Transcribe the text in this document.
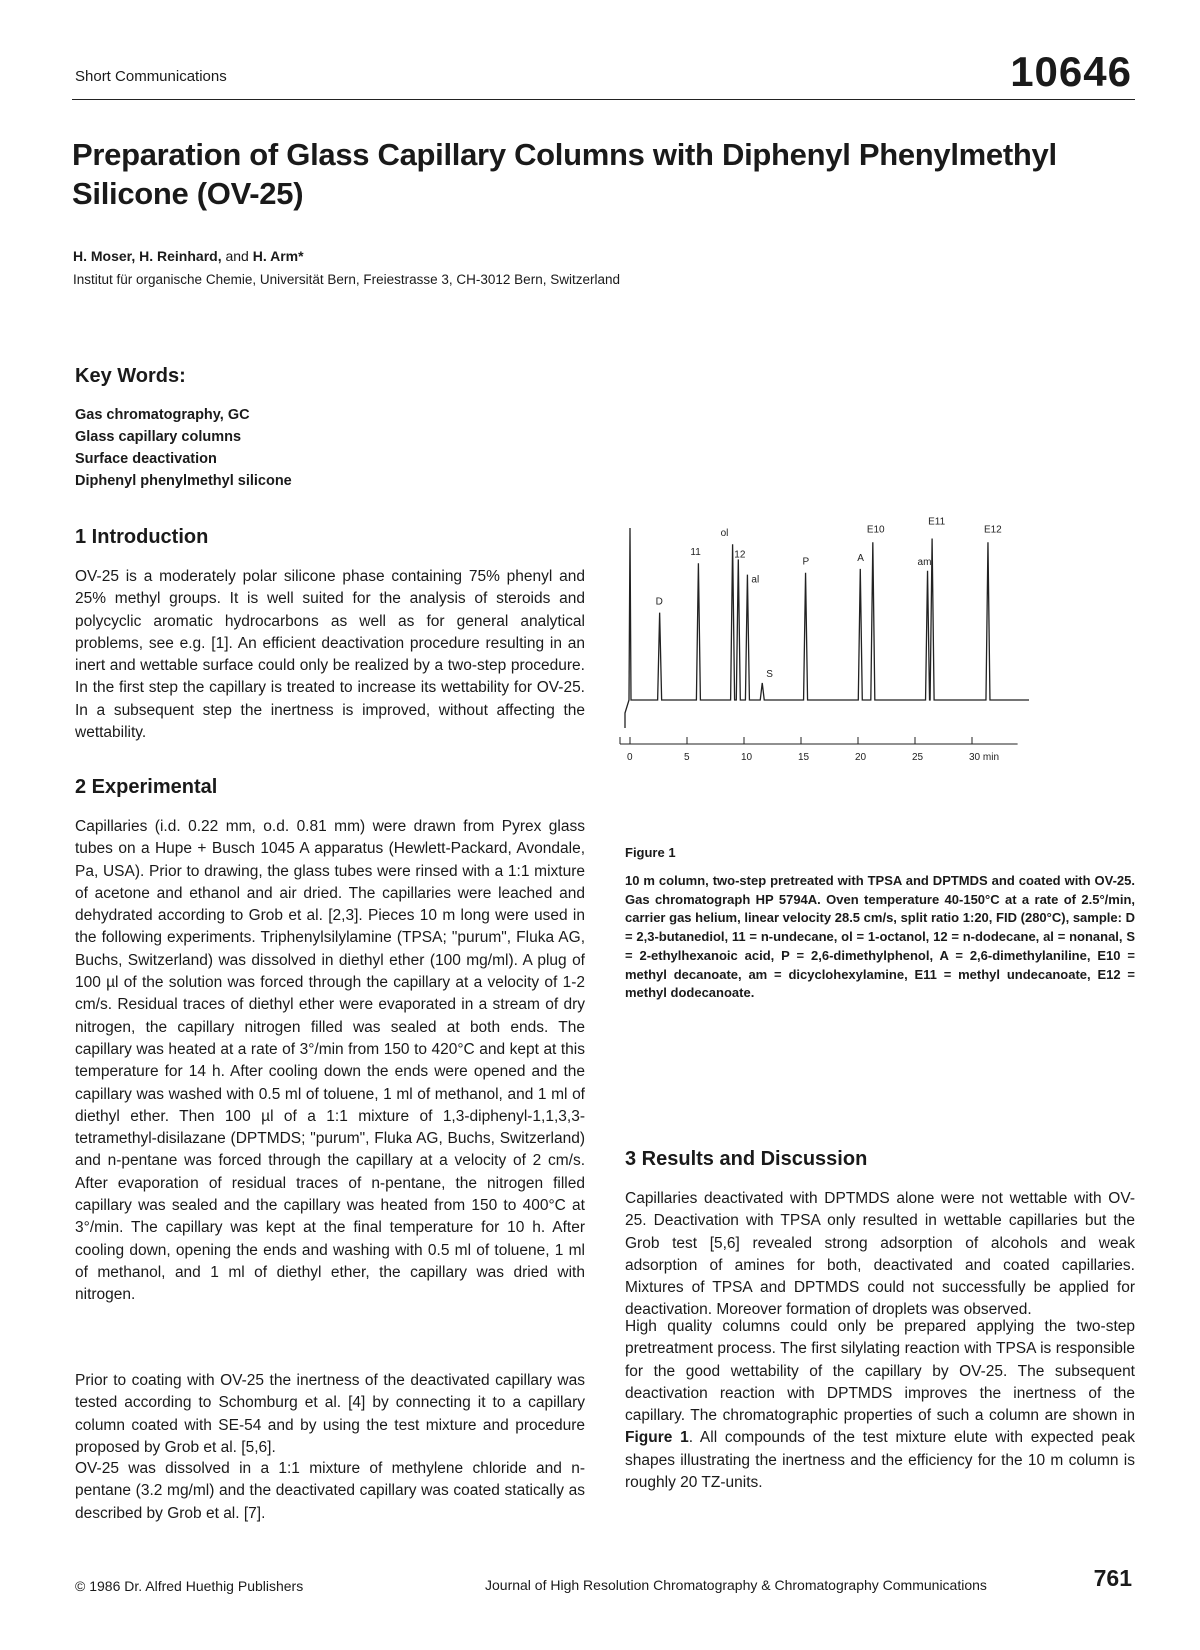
Short Communications	10646
Preparation of Glass Capillary Columns with Diphenyl Phenylmethyl Silicone (OV-25)
H. Moser, H. Reinhard, and H. Arm*
Institut für organische Chemie, Universität Bern, Freiestrasse 3, CH-3012 Bern, Switzerland
Key Words:
Gas chromatography, GC
Glass capillary columns
Surface deactivation
Diphenyl phenylmethyl silicone
1 Introduction

OV-25 is a moderately polar silicone phase containing 75% phenyl and 25% methyl groups. It is well suited for the analysis of steroids and polycyclic aromatic hydrocarbons as well as for general analytical problems, see e.g. [1]. An efficient deactivation procedure resulting in an inert and wettable surface could only be realized by a two-step procedure. In the first step the capillary is treated to increase its wettability for OV-25. In a subsequent step the inertness is improved, without affecting the wettability.

2 Experimental

Capillaries (i.d. 0.22 mm, o.d. 0.81 mm) were drawn from Pyrex glass tubes on a Hupe + Busch 1045 A apparatus (Hewlett-Packard, Avondale, Pa, USA). Prior to drawing, the glass tubes were rinsed with a 1:1 mixture of acetone and ethanol and air dried. The capillaries were leached and dehydrated according to Grob et al. [2,3]. Pieces 10 m long were used in the following experiments. Triphenylsilylamine (TPSA; "purum", Fluka AG, Buchs, Switzerland) was dissolved in diethyl ether (100 mg/ml). A plug of 100 µl of the solution was forced through the capillary at a velocity of 1-2 cm/s. Residual traces of diethyl ether were evaporated in a stream of dry nitrogen, the capillary nitrogen filled was sealed at both ends. The capillary was heated at a rate of 3°/min from 150 to 420°C and kept at this temperature for 14 h. After cooling down the ends were opened and the capillary was washed with 0.5 ml of toluene, 1 ml of methanol, and 1 ml of diethyl ether. Then 100 µl of a 1:1 mixture of 1,3-diphenyl-1,1,3,3-tetramethyl-disilazane (DPTMDS; "purum", Fluka AG, Buchs, Switzerland) and n-pentane was forced through the capillary at a velocity of 2 cm/s. After evaporation of residual traces of n-pentane, the nitrogen filled capillary was sealed and the capillary was heated from 150 to 400°C at 3°/min. The capillary was kept at the final temperature for 10 h. After cooling down, opening the ends and washing with 0.5 ml of toluene, 1 ml of methanol, and 1 ml of diethyl ether, the capillary was dried with nitrogen.

Prior to coating with OV-25 the inertness of the deactivated capillary was tested according to Schomburg et al. [4] by connecting it to a capillary column coated with SE-54 and by using the test mixture and procedure proposed by Grob et al. [5,6].

OV-25 was dissolved in a 1:1 mixture of methylene chloride and n-pentane (3.2 mg/ml) and the deactivated capillary was coated statically as described by Grob et al. [7].

D
11
ol
12
al
S
P	A
E10
am
E11
E12
0	5	10	15	20	25	30 min
Figure 1
10 m column, two-step pretreated with TPSA and DPTMDS and coated with OV-25. Gas chromatograph HP 5794A. Oven temperature 40-150°C at a rate of 2.5°/min, carrier gas helium, linear velocity 28.5 cm/s, split ratio 1:20, FID (280°C), sample: D = 2,3-butanediol, 11 = n-undecane, ol = 1-octanol, 12 = n-dodecane, al = nonanal, S = 2-ethylhexanoic acid, P = 2,6-dimethylphenol, A = 2,6-dimethylaniline, E10 = methyl decanoate, am = dicyclohexylamine, E11 = methyl undecanoate, E12 = methyl dodecanoate.
3 Results and Discussion

Capillaries deactivated with DPTMDS alone were not wettable with OV-25. Deactivation with TPSA only resulted in wettable capillaries but the Grob test [5,6] revealed strong adsorption of alcohols and weak adsorption of amines for both, deactivated and coated capillaries. Mixtures of TPSA and DPTMDS could not successfully be applied for deactivation. Moreover formation of droplets was observed.

High quality columns could only be prepared applying the two-step pretreatment process. The first silylating reaction with TPSA is responsible for the good wettability of the capillary by OV-25. The subsequent deactivation reaction with DPTMDS improves the inertness of the capillary. The chromatographic properties of such a column are shown in Figure 1. All compounds of the test mixture elute with expected peak shapes illustrating the inertness and the efficiency for the 10 m column is roughly 20 TZ-units.

© 1986 Dr. Alfred Huethig Publishers	Journal of High Resolution Chromatography & Chromatography Communications	761
